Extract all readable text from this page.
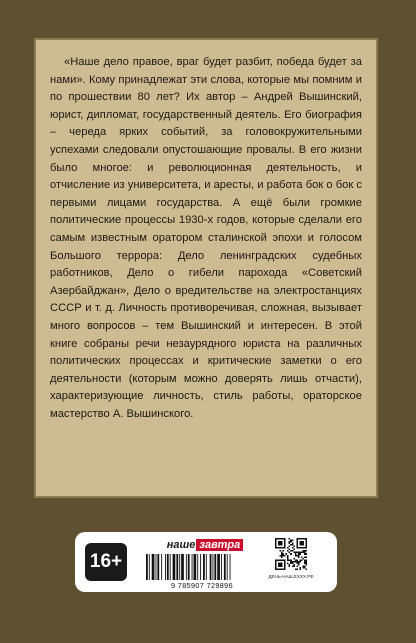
«Наше дело правое, враг будет разбит, победа будет за нами». Кому принадлежат эти слова, которые мы помним и по прошествии 80 лет? Их автор – Андрей Вышинский, юрист, дипломат, государственный деятель. Его биография – череда ярких событий, за головокружительными успехами следовали опустошающие провалы. В его жизни было многое: и революционная деятельность, и отчисление из университета, и аресты, и работа бок о бок с первыми лицами государства. А ещё были громкие политические процессы 1930-х годов, которые сделали его самым известным оратором сталинской эпохи и голосом Большого террора: Дело ленинградских судебных работников, Дело о гибели парохода «Советский Азербайджан», Дело о вредительстве на электростанциях СССР и т. д. Личность противоречивая, сложная, вызывает много вопросов – тем Вышинский и интересен. В этой книге собраны речи незаурядного юриста на различных политических процессах и критические заметки о его деятельности (которым можно доверять лишь отчасти), характеризующие личность, стиль работы, ораторское мастерство А. Вышинского.

16+
наше завтра
9 785907 729896
ДЕНЬ-НАШ.ЕXXX.РФ
